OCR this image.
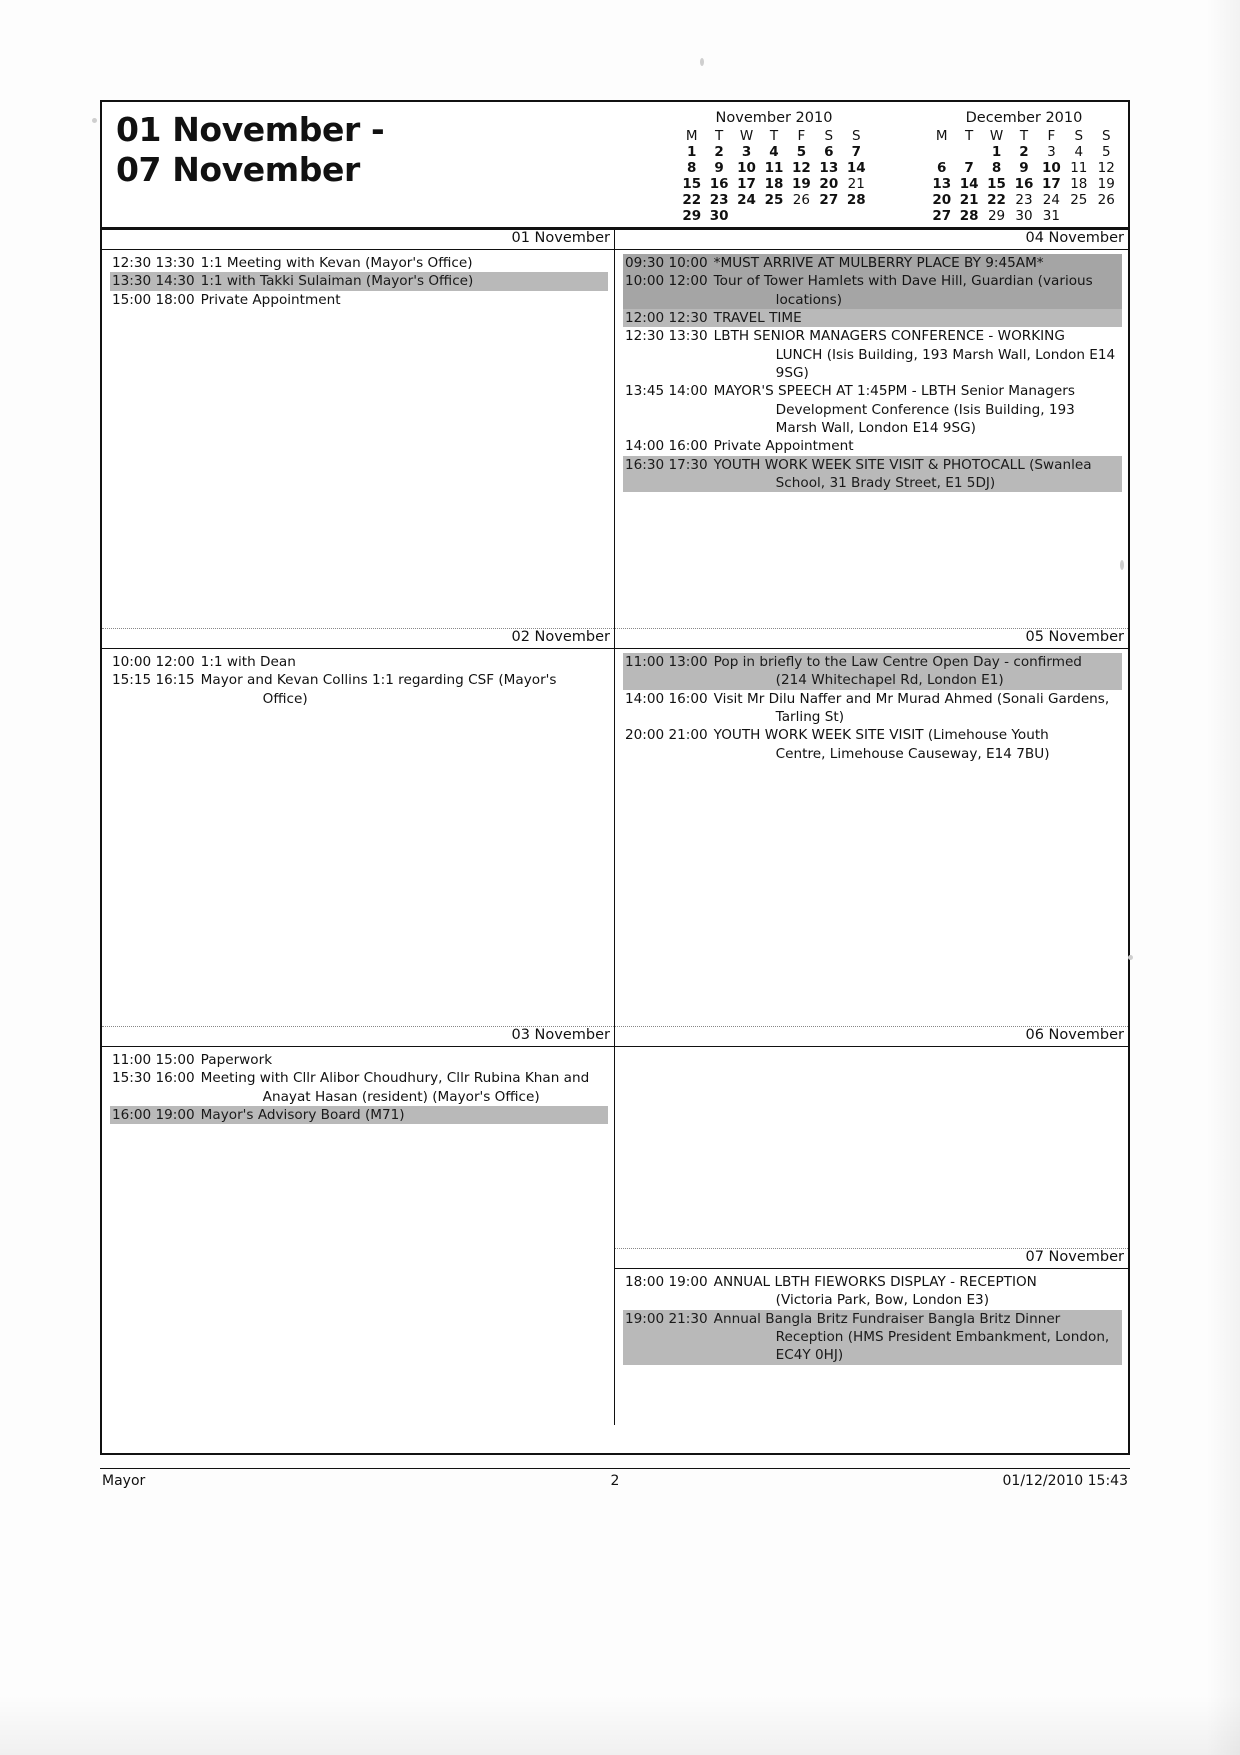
01 November -
07 November
November 2010
M	T	W	T	F	S	S
1	2	3	4	5	6	7
8	9	10	11	12	13	14
15	16	17	18	19	20	21
22	23	24	25	26	27	28
29	30					
December 2010
M	T	W	T	F	S	S
		1	2	3	4	5
6	7	8	9	10	11	12
13	14	15	16	17	18	19
20	21	22	23	24	25	26
27	28	29	30	31		
01 November
12:30 13:30 1:1 Meeting with Kevan (Mayor's Office)
13:30 14:30 1:1 with Takki Sulaiman (Mayor's Office)
15:00 18:00 Private Appointment
02 November
10:00 12:00 1:1 with Dean
15:15 16:15 Mayor and Kevan Collins 1:1 regarding CSF (Mayor's
Office)
03 November
11:00 15:00 Paperwork
15:30 16:00 Meeting with Cllr Alibor Choudhury, Cllr Rubina Khan and
Anayat Hasan (resident) (Mayor's Office)
16:00 19:00 Mayor's Advisory Board (M71)
04 November
09:30 10:00 *MUST ARRIVE AT MULBERRY PLACE BY 9:45AM*
10:00 12:00 Tour of Tower Hamlets with Dave Hill, Guardian (various
locations)
12:00 12:30 TRAVEL TIME
12:30 13:30 LBTH SENIOR MANAGERS CONFERENCE - WORKING
LUNCH (Isis Building, 193 Marsh Wall, London E14 9SG)
13:45 14:00 MAYOR'S SPEECH AT 1:45PM - LBTH Senior Managers
Development Conference (Isis Building, 193 Marsh Wall, London E14 9SG)
14:00 16:00 Private Appointment
16:30 17:30 YOUTH WORK WEEK SITE VISIT & PHOTOCALL (Swanlea
School, 31 Brady Street, E1 5DJ)
05 November
11:00 13:00 Pop in briefly to the Law Centre Open Day - confirmed
(214 Whitechapel Rd, London E1)
14:00 16:00 Visit Mr Dilu Naffer and Mr Murad Ahmed (Sonali Gardens,
Tarling St)
20:00 21:00 YOUTH WORK WEEK SITE VISIT (Limehouse Youth
Centre, Limehouse Causeway, E14 7BU)
06 November
07 November
18:00 19:00 ANNUAL LBTH FIEWORKS DISPLAY - RECEPTION
(Victoria Park, Bow, London E3)
19:00 21:30 Annual Bangla Britz Fundraiser Bangla Britz Dinner
Reception (HMS President Embankment, London, EC4Y 0HJ)
Mayor	2	01/12/2010 15:43
